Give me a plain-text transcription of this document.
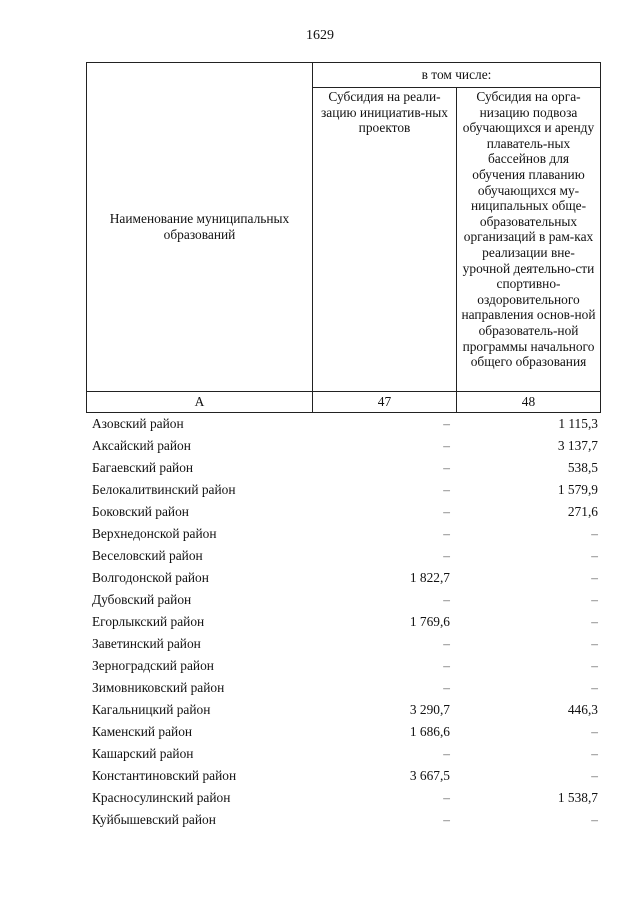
1629
Наименование муниципальных образований	в том числе:	
	Субсидия на реали-зацию инициатив-ных проектов	Субсидия на орга-низацию подвоза обучающихся и аренду плаватель-ных бассейнов для обучения плаванию обучающихся му-ниципальных обще-образовательных организаций в рам-ках реализации вне-урочной деятельно-сти спортивно-оздоровительного направления основ-ной образователь-ной программы начального общего образования
А	47	48
Азовский район	–	1 115,3
Аксайский район	–	3 137,7
Багаевский район	–	538,5
Белокалитвинский район	–	1 579,9
Боковский район	–	271,6
Верхнедонской район	–	–
Веселовский район	–	–
Волгодонской район	1 822,7	–
Дубовский район	–	–
Егорлыкский район	1 769,6	–
Заветинский район	–	–
Зерноградский район	–	–
Зимовниковский район	–	–
Кагальницкий район	3 290,7	446,3
Каменский район	1 686,6	–
Кашарский район	–	–
Константиновский район	3 667,5	–
Красносулинский район	–	1 538,7
Куйбышевский район	–	–
